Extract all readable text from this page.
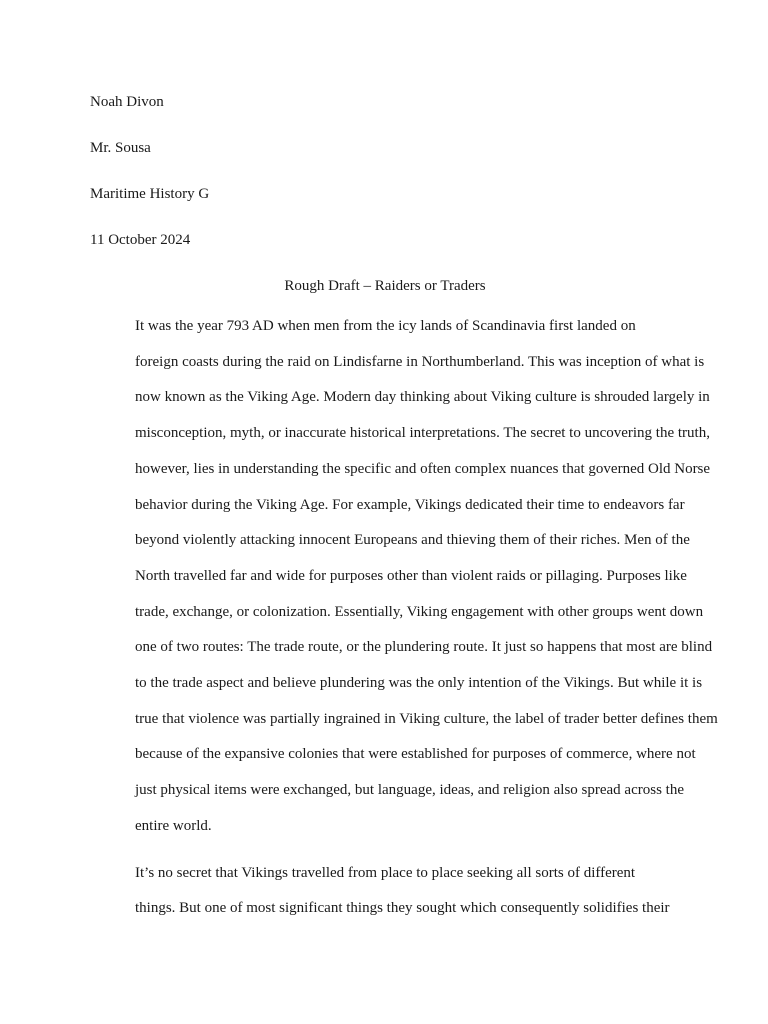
Noah Divon

Mr. Sousa

Maritime History G

11 October 2024

Rough Draft – Raiders or Traders

It was the year 793 AD when men from the icy lands of Scandinavia first landed on
foreign coasts during the raid on Lindisfarne in Northumberland. This was inception of what is
now known as the Viking Age. Modern day thinking about Viking culture is shrouded largely in
misconception, myth, or inaccurate historical interpretations. The secret to uncovering the truth,
however, lies in understanding the specific and often complex nuances that governed Old Norse
behavior during the Viking Age. For example, Vikings dedicated their time to endeavors far
beyond violently attacking innocent Europeans and thieving them of their riches. Men of the
North travelled far and wide for purposes other than violent raids or pillaging. Purposes like
trade, exchange, or colonization. Essentially, Viking engagement with other groups went down
one of two routes: The trade route, or the plundering route. It just so happens that most are blind
to the trade aspect and believe plundering was the only intention of the Vikings. But while it is
true that violence was partially ingrained in Viking culture, the label of trader better defines them
because of the expansive colonies that were established for purposes of commerce, where not
just physical items were exchanged, but language, ideas, and religion also spread across the
entire world.

It’s no secret that Vikings travelled from place to place seeking all sorts of different
things. But one of most significant things they sought which consequently solidifies their
